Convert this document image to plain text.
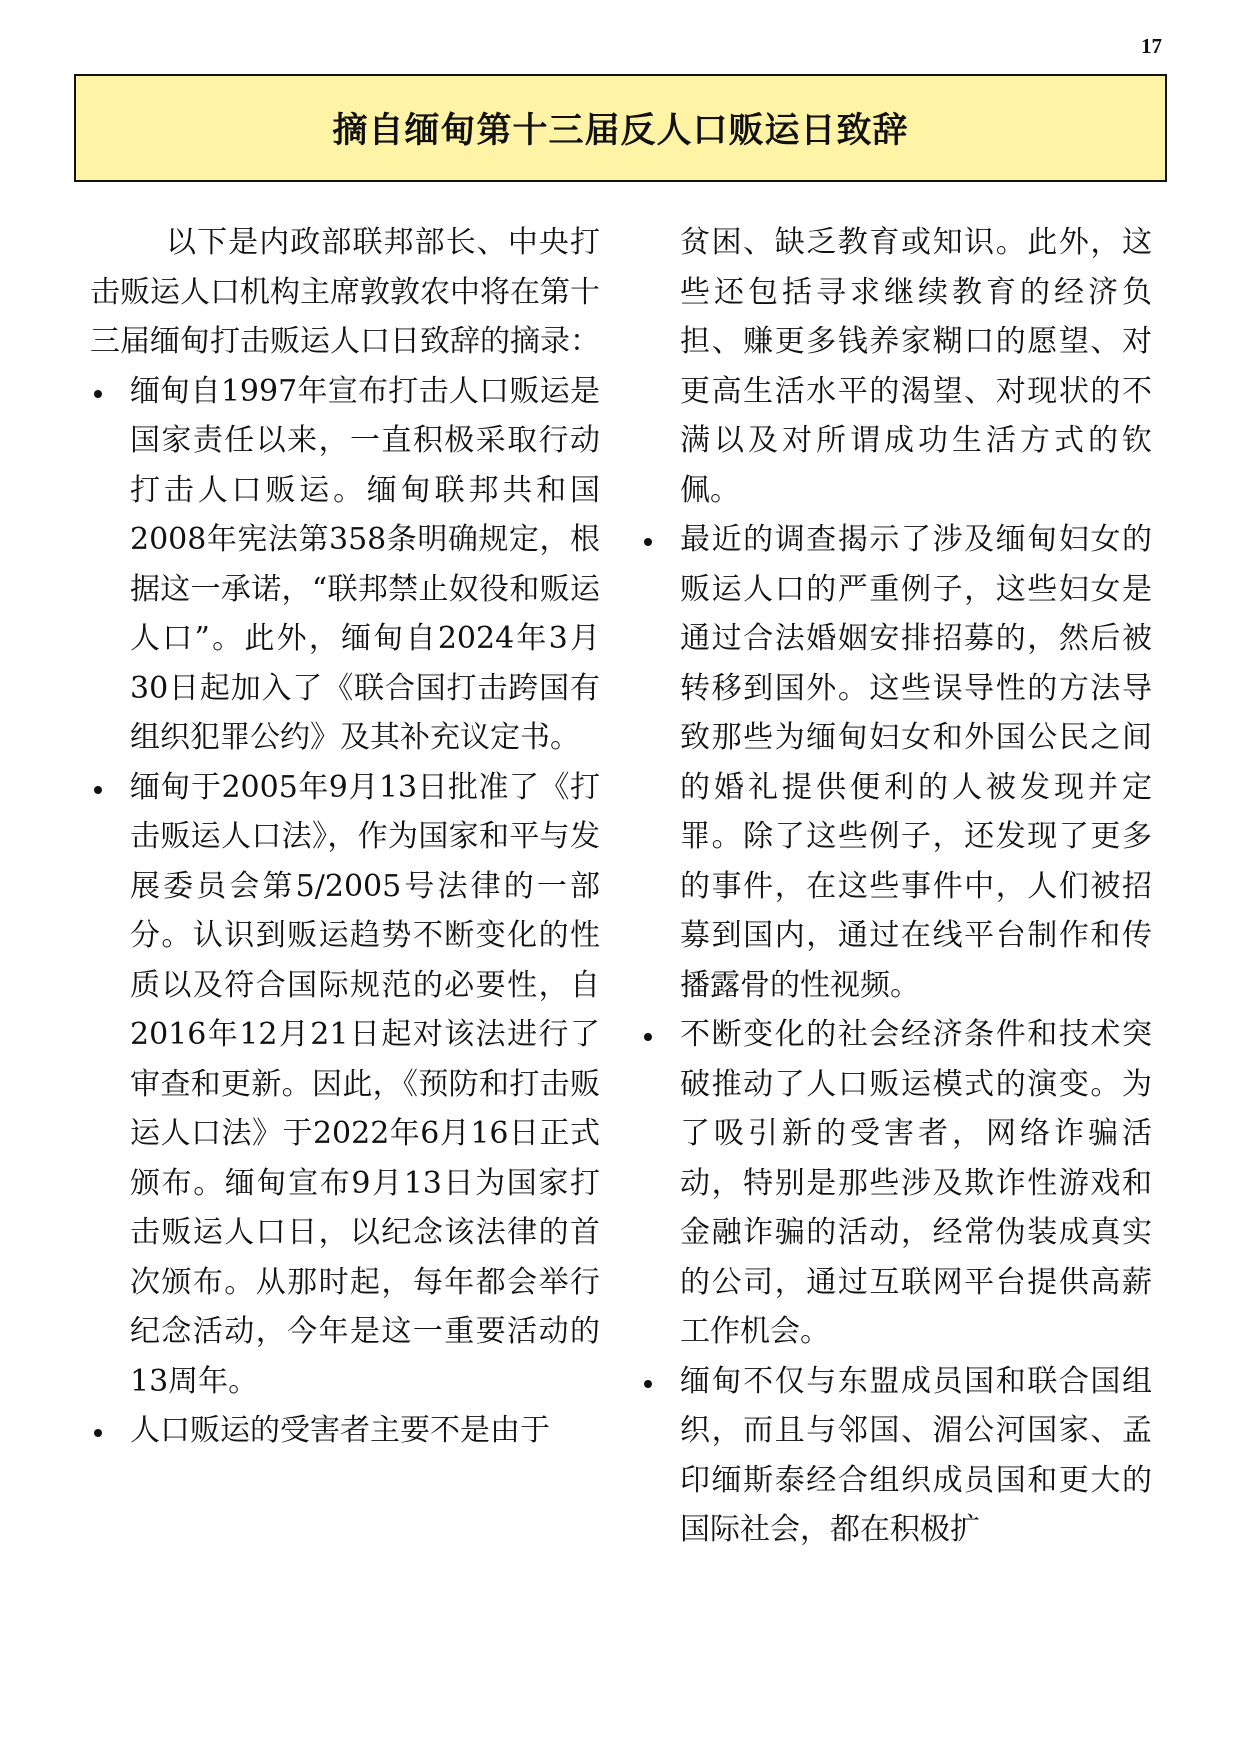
17
摘自缅甸第十三届反人口贩运日致辞

以下是内政部联邦部长、中央打击贩运人口机构主席敦敦农中将在第十三届缅甸打击贩运人口日致辞的摘录：

缅甸自1997年宣布打击人口贩运是国家责任以来，一直积极采取行动打击人口贩运。缅甸联邦共和国2008年宪法第358条明确规定，根据这一承诺，“联邦禁止奴役和贩运人口”。此外，缅甸自2024年3月30日起加入了《联合国打击跨国有组织犯罪公约》及其补充议定书。
缅甸于2005年9月13日批准了《打击贩运人口法》，作为国家和平与发展委员会第5/2005号法律的一部分。认识到贩运趋势不断变化的性质以及符合国际规范的必要性，自2016年12月21日起对该法进行了审查和更新。因此，《预防和打击贩运人口法》于2022年6月16日正式颁布。缅甸宣布9月13日为国家打击贩运人口日，以纪念该法律的首次颁布。从那时起，每年都会举行纪念活动，今年是这一重要活动的13周年。
人口贩运的受害者主要不是由于
贫困、缺乏教育或知识。此外，这些还包括寻求继续教育的经济负担、赚更多钱养家糊口的愿望、对更高生活水平的渴望、对现状的不满以及对所谓成功生活方式的钦佩。
最近的调查揭示了涉及缅甸妇女的贩运人口的严重例子，这些妇女是通过合法婚姻安排招募的，然后被转移到国外。这些误导性的方法导致那些为缅甸妇女和外国公民之间的婚礼提供便利的人被发现并定罪。除了这些例子，还发现了更多的事件，在这些事件中，人们被招募到国内，通过在线平台制作和传播露骨的性视频。
不断变化的社会经济条件和技术突破推动了人口贩运模式的演变。为了吸引新的受害者，网络诈骗活动，特别是那些涉及欺诈性游戏和金融诈骗的活动，经常伪装成真实的公司，通过互联网平台提供高薪工作机会。
缅甸不仅与东盟成员国和联合国组织，而且与邻国、湄公河国家、孟印缅斯泰经合组织成员国和更大的国际社会，都在积极扩
